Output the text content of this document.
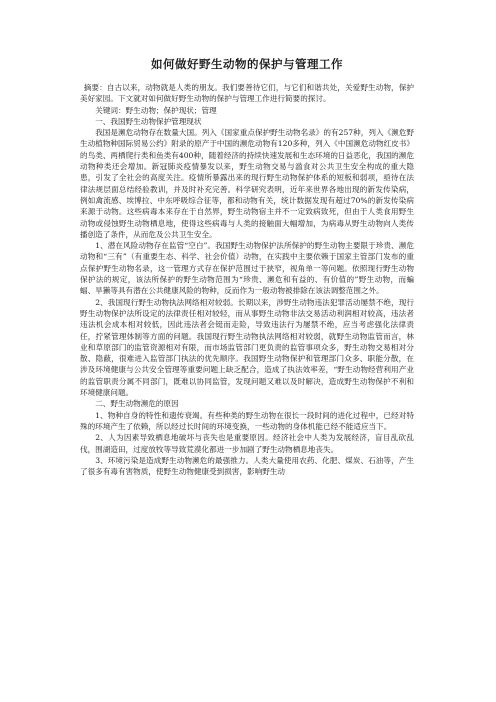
如何做好野生动物的保护与管理工作

摘要：自古以来，动物就是人类的朋友。我们要善待它们，与它们和谐共处，关爱野生动物，保护美好家园。下文就对如何做好野生动物的保护与管理工作进行简要的探讨。

关键词：野生动物；保护现状；管理

一、我国野生动物保护管理现状

我国是濒危动物存在数量大国。列入《国家重点保护野生动物名录》的有257种，列入《濒危野生动植物种国际贸易公约》附录的原产于中国的濒危动物有120多种，列入《中国濒危动物红皮书》的鸟类、两栖爬行类和鱼类有400种，随着经济的持续快速发展和生态环境的日益恶化，我国的濒危动物种类还会增加。新冠肺炎疫情暴发以来，野生动物交易与滥食对公共卫生安全构成的重大隐患，引发了全社会的高度关注。疫情所暴露出来的现行野生动物保护体系的短板和弱项，亟待在法律法规层面总结经验教训，并及时补充完善。科学研究表明，近年来世界各地出现的新发传染病，例如禽流感、埃博拉、中东呼吸综合征等，都和动物有关，统计数据发现有超过70%的新发传染病来源于动物。这些病毒本来存在于自然界，野生动物宿主并不一定致病致死，但由于人类食用野生动物或侵蚀野生动物栖息地，使得这些病毒与人类的接触面大幅增加，为病毒从野生动物向人类传播创造了条件，从而危及公共卫生安全。

1、潜在风险动物存在监管“空白”。我国野生动物保护法所保护的野生动物主要限于珍贵、濒危动物和“三有”（有重要生态、科学、社会价值）动物，在实践中主要依赖于国家主管部门发布的重点保护野生动物名录，这一管理方式存在保护范围过于狭窄，视角单一等问题。依照现行野生动物保护法的规定，该法所保护的野生动物范围为“珍贵、濒危和有益的、有价值的”野生动物，而蝙蝠、旱獭等具有潜在公共健康风险的物种，反而作为一般动物被排除在该法调整范围之外。

2、我国现行野生动物执法网络相对较弱。长期以来，涉野生动物违法犯罪活动屡禁不绝，现行野生动物保护法所设定的法律责任相对较轻，而从事野生动物非法交易活动利润相对较高，违法者违法机会成本相对较低，因此违法者会铤而走险，导致违法行为屡禁不绝，应当考虑强化法律责任，拧紧管理体制等方面的问题。我国现行野生动物执法网络相对较弱，就野生动物监管而言，林业和草原部门的监管资源相对有限，而市场监管部门更负责的监管事项众多，野生动物交易相对分散、隐蔽，很难进入监管部门执法的优先顺序。我国野生动物保护和管理部门众多、职能分散，在涉及环境健康与公共安全管理等重要问题上缺乏配合，造成了执法效率差，“野生动物经营利用产业的监管职责分属不同部门，既难以协同监管，发现问题又难以及时解决，造成野生动物保护不利和环境健康问题。

二、野生动物濒危的原因

1、物种自身的特性和遗传衰竭。有些种类的野生动物在很长一段时间的进化过程中，已经对特殊的环境产生了依赖，所以经过长时间的环境变换，一些动物的身体机能已经不能适应当下。

2、人为因素导致栖息地破坏与丧失也是重要原因。经济社会中人类为发展经济，盲目乱砍乱伐，围湖造田，过度放牧等导致荒漠化都进一步加剧了野生动物栖息地丧失。

3、环境污染是造成野生动物濒危的最强推力。人类大量使用农药、化肥、煤炭、石油等，产生了很多有毒有害物质，使野生动物健康受到损害，影响野生动
